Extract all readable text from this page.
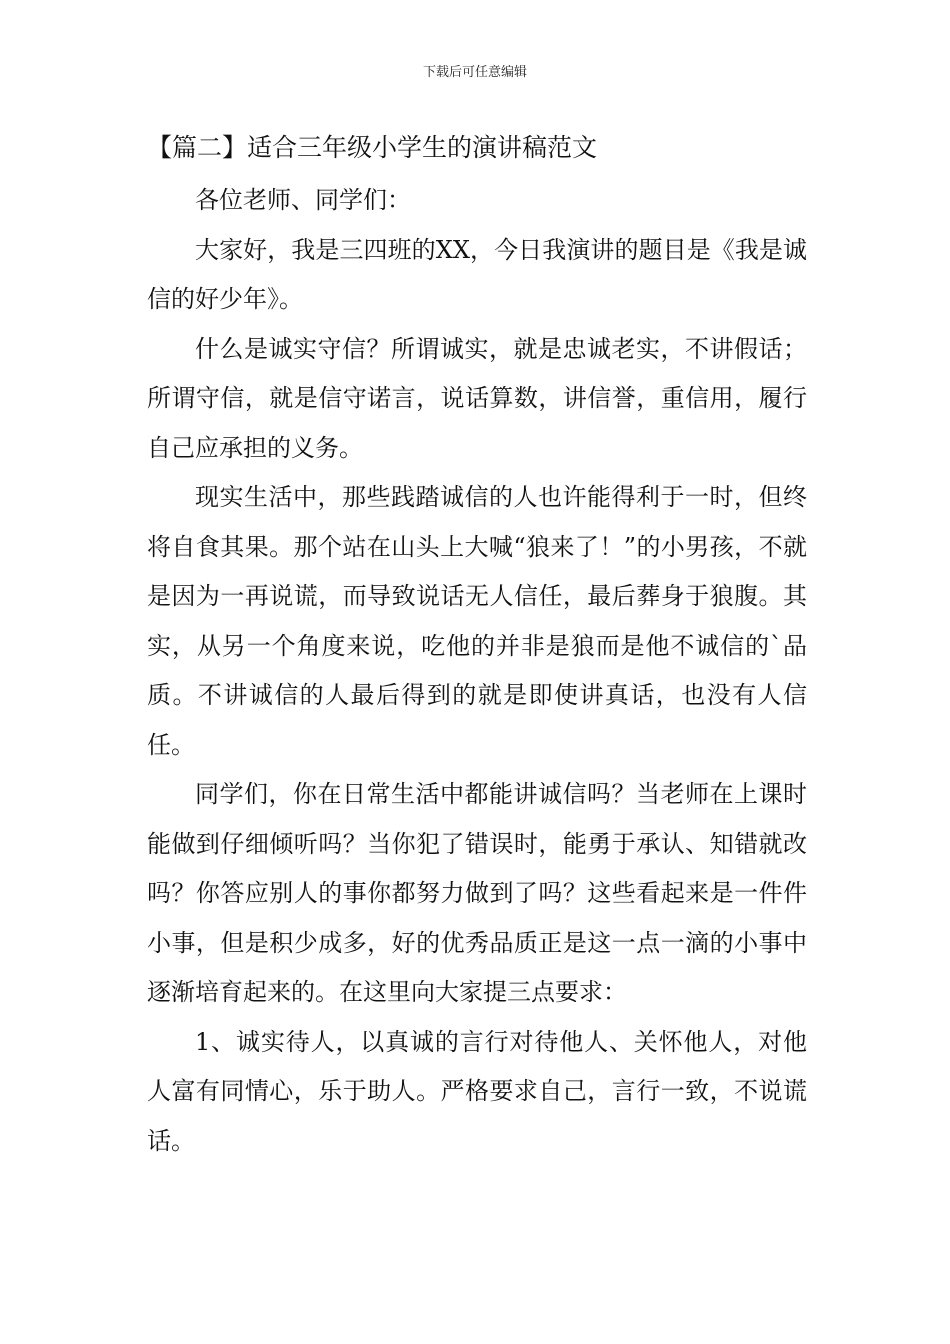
下载后可任意编辑
【篇二】适合三年级小学生的演讲稿范文

各位老师、同学们：

大家好，我是三四班的XX，今日我演讲的题目是《我是诚信的好少年》。

什么是诚实守信？所谓诚实，就是忠诚老实，不讲假话；所谓守信，就是信守诺言，说话算数，讲信誉，重信用，履行自己应承担的义务。

现实生活中，那些践踏诚信的人也许能得利于一时，但终将自食其果。那个站在山头上大喊“狼来了！”的小男孩，不就是因为一再说谎，而导致说话无人信任，最后葬身于狼腹。其实，从另一个角度来说，吃他的并非是狼而是他不诚信的`品质。不讲诚信的人最后得到的就是即使讲真话，也没有人信任。

同学们，你在日常生活中都能讲诚信吗？当老师在上课时能做到仔细倾听吗？当你犯了错误时，能勇于承认、知错就改吗？你答应别人的事你都努力做到了吗？这些看起来是一件件小事，但是积少成多，好的优秀品质正是这一点一滴的小事中逐渐培育起来的。在这里向大家提三点要求：

1、诚实待人，以真诚的言行对待他人、关怀他人，对他人富有同情心，乐于助人。严格要求自己，言行一致，不说谎话。
